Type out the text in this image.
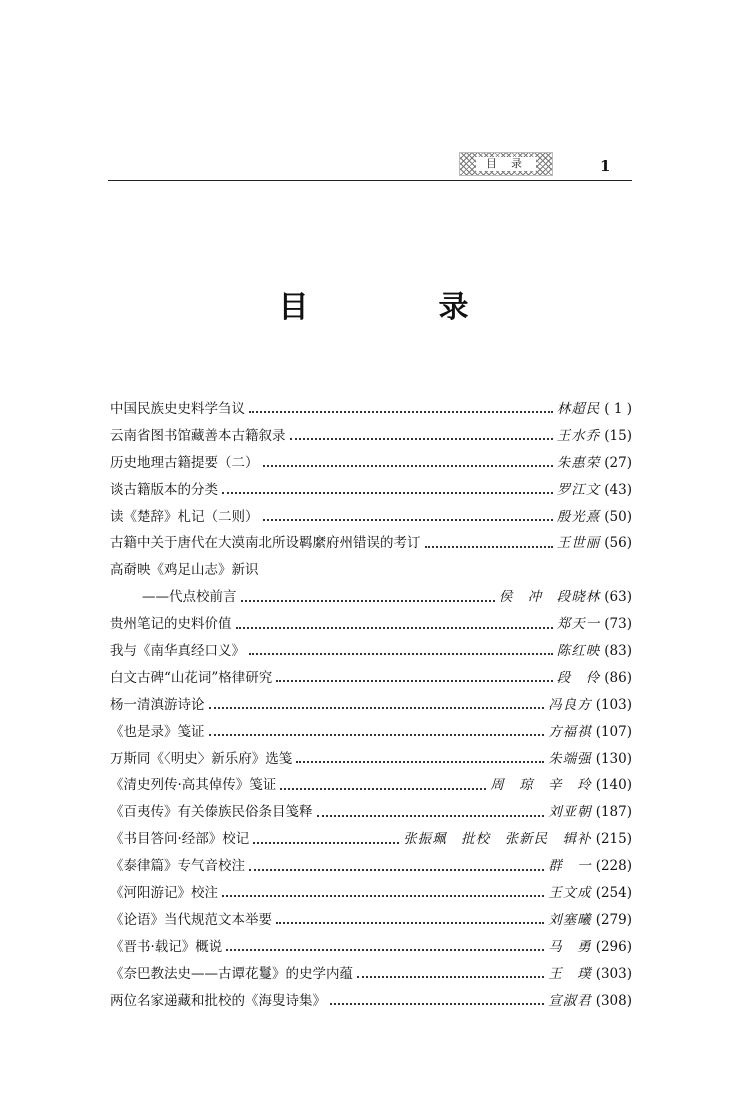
目录	1
目　录
中国民族史史料学刍议	林超民 ( 1 )
云南省图书馆藏善本古籍叙录	王水乔 (15)
历史地理古籍提要（二）	朱惠荣 (27)
谈古籍版本的分类	罗江文 (43)
读《楚辞》札记（二则）	殷光熹 (50)
古籍中关于唐代在大漠南北所设羁縻府州错误的考订	王世丽 (56)
高奣映《鸡足山志》新识
——代点校前言	侯　冲　段晓林 (63)
贵州笔记的史料价值	郑天一 (73)
我与《南华真经口义》	陈红映 (83)
白文古碑“山花词”格律研究	段　伶 (86)
杨一清滇游诗论	冯良方 (103)
《也是录》笺证	方福祺 (107)
万斯同《〈明史〉新乐府》选笺	朱端强 (130)
《清史列传·高其倬传》笺证	周　琼　辛　玲 (140)
《百夷传》有关傣族民俗条目笺释	刘亚朝 (187)
《书目答问·经部》校记	张振珮　批校　张新民　辑补 (215)
《泰律篇》专气音校注	群　一 (228)
《河阳游记》校注	王文成 (254)
《论语》当代规范文本举要	刘塞曦 (279)
《晋书·载记》概说	马　勇 (296)
《奈巴教法史——古谭花鬘》的史学内蕴	王　璞 (303)
两位名家递藏和批校的《海叟诗集》	宣淑君 (308)
